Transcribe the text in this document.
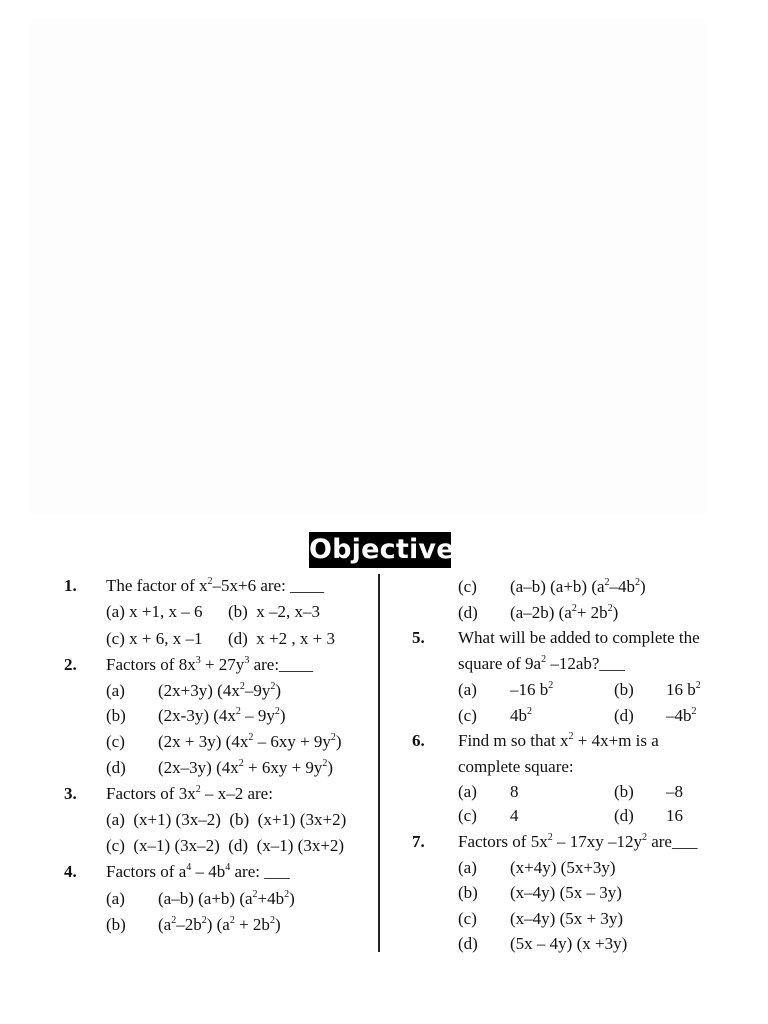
Objective
1. The factor of $x^2-5x+6$ are: ____
(a) x +1, x – 6      (b)  x –2, x–3
(c) x + 6, x –1      (d)  x +2 , x + 3
2. Factors of $8x^3 + 27y^3$ are:____
(a) (2x+3y) $(4x^2-9y^2)$
(b) (2x-3y) $(4x^2 - 9y^2)$
(c) (2x + 3y) $(4x^2 - 6xy + 9y^2)$
(d) (2x–3y) $(4x^2 + 6xy + 9y^2)$
3. Factors of $3x^2 - x-2$ are:
(a)  (x+1) (3x–2)  (b)  (x+1) (3x+2)
(c)  (x–1) (3x–2)  (d)  (x–1) (3x+2)
4. Factors of $a^4 - 4b^4$ are: ___
(a) (a–b) (a+b) $(a^2+4b^2)$
(b) $(a^2-2b^2) (a^2 + 2b^2)$
(c) (a–b) (a+b) $(a^2-4b^2)$
(d) (a–2b) $(a^2+ 2b^2)$
5. What will be added to complete the
square of $9a^2$ –12ab?___
(a) –16 $b^2$	(b) 16 $b^2$
(c) $4b^2$	(d) $-4b^2$
6. Find m so that $x^2 + 4x+m$ is a
complete square:
(a) 8	(b) –8
(c) 4	(d) 16
7. Factors of $5x^2 - 17xy$ $-12y^2$ are___
(a) (x+4y) (5x+3y)
(b) (x–4y) (5x – 3y)
(c) (x–4y) (5x + 3y)
(d) (5x – 4y) (x +3y)
